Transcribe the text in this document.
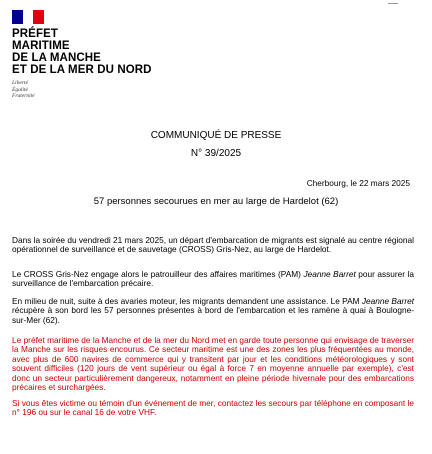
PRÉFET
MARITIME
DE LA MANCHE
ET DE LA MER DU NORD
Liberté
Égalité
Fraternité
COMMUNIQUÉ DE PRESSE
N° 39/2025
Cherbourg, le 22 mars 2025
57 personnes secourues en mer au large de Hardelot (62)
Dans la soirée du vendredi 21 mars 2025, un départ d'embarcation de migrants est signalé au centre régional opérationnel de surveillance et de sauvetage (CROSS) Gris-Nez, au large de Hardelot.
Le CROSS Gris-Nez engage alors le patrouilleur des affaires maritimes (PAM) Jeanne Barret pour assurer la surveillance de l'embarcation précaire.
En milieu de nuit, suite à des avaries moteur, les migrants demandent une assistance. Le PAM Jeanne Barret récupère à son bord les 57 personnes présentes à bord de l'embarcation et les ramène à quai à Boulogne-sur-Mer (62).
Le préfet maritime de la Manche et de la mer du Nord met en garde toute personne qui envisage de traverser la Manche sur les risques encourus. Ce secteur maritime est une des zones les plus fréquentées au monde, avec plus de 600 navires de commerce qui y transitent par jour et les conditions météorologiques y sont souvent difficiles (120 jours de vent supérieur ou égal à force 7 en moyenne annuelle par exemple), c'est donc un secteur particulièrement dangereux, notamment en pleine période hivernale pour des embarcations précaires et surchargées.
Si vous êtes victime ou témoin d'un événement de mer, contactez les secours par téléphone en composant le n° 196 ou sur le canal 16 de votre VHF.
